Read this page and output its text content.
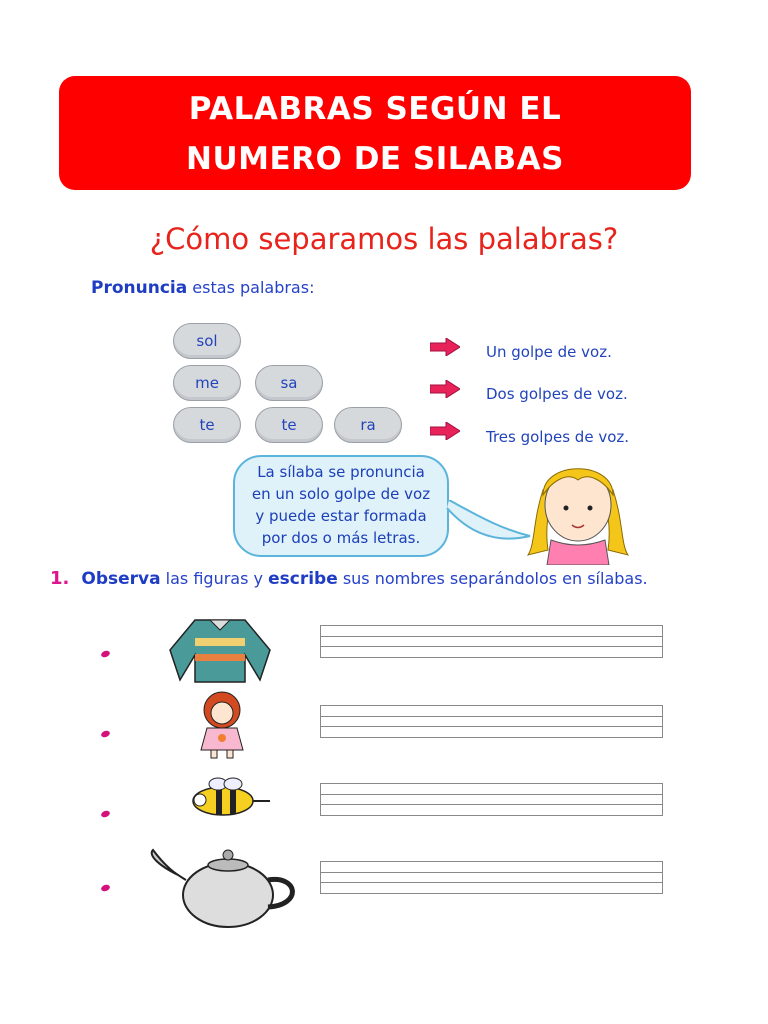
PALABRAS SEGÚN EL
NUMERO DE SILABAS
¿Cómo separamos las palabras?
Pronuncia estas palabras:
sol
me	sa
te	te	ra
Un golpe de voz.
Dos golpes de voz.
Tres golpes de voz.
La sílaba se pronuncia
en un solo golpe de voz
y puede estar formada
por dos o más letras.
1. Observa las figuras y escribe sus nombres separándolos en sílabas.
